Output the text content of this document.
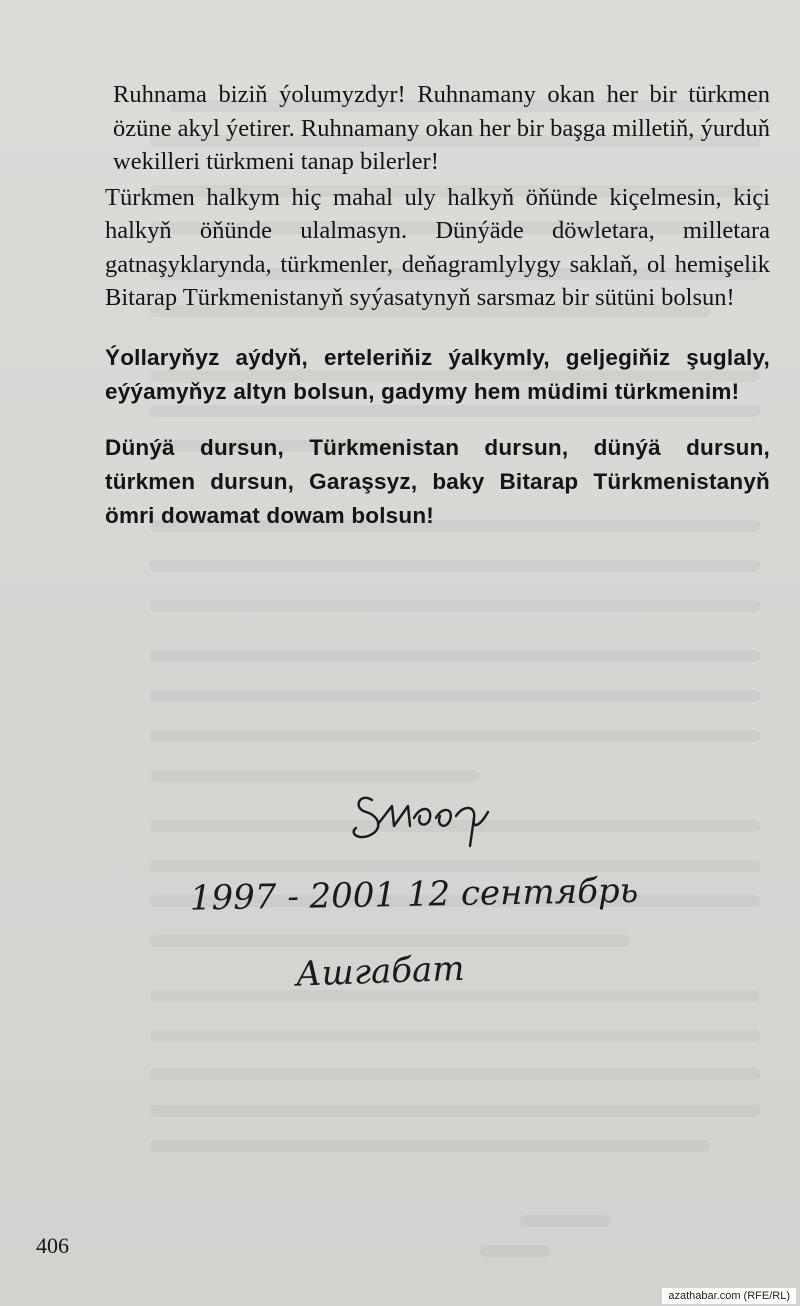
Ruhnama biziň ýolumyzdyr! Ruhnamany okan her bir türkmen özüne akyl ýetirer. Ruhnamany okan her bir başga milletiň, ýurduň wekilleri türkmeni tanap bilerler!

Türkmen halkym hiç mahal uly halkyň öňünde kiçelmesin, kiçi halkyň öňünde ulalmasyn. Dünýäde döwletara, milletara gatnaşyklarynda, türkmenler, deňagramlylygy saklaň, ol hemişelik Bitarap Türkmenistanyň syýasatynyň sarsmaz bir sütüni bolsun!

Ýollaryňyz aýdyň, erteleriňiz ýalkymly, geljegiňiz şuglaly, eýýamyňyz altyn bolsun, gadymy hem müdimi türkmenim!

Dünýä dursun, Türkmenistan dursun, dünýä dursun, türkmen dursun, Garaşsyz, baky Bitarap Türkmenistanyň ömri dowamat dowam bolsun!

1997 - 2001 12 сентябрь
Ашгабат
406
azathabar.com (RFE/RL)
